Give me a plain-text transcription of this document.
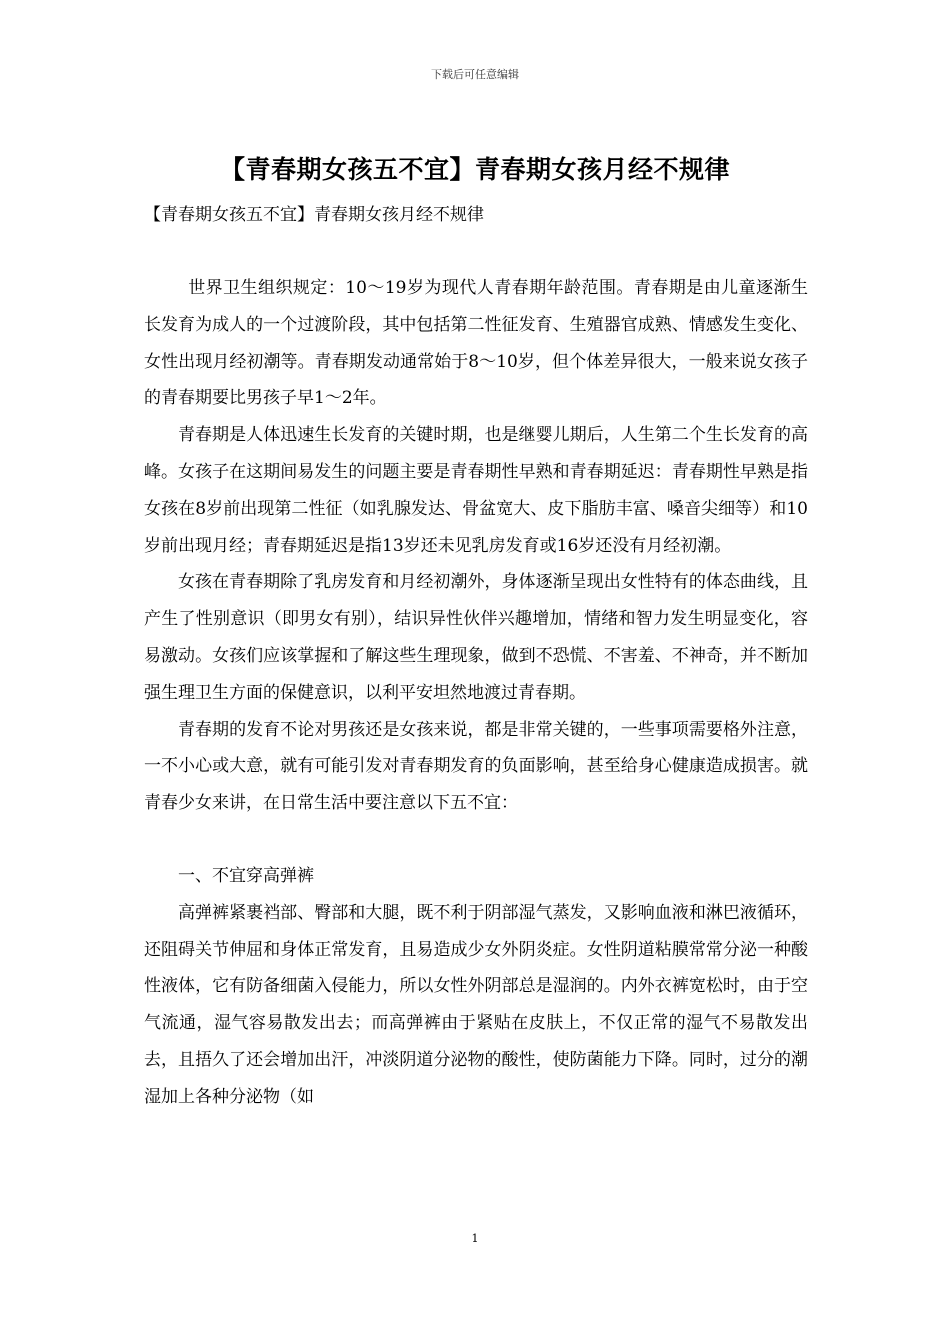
下载后可任意编辑
【青春期女孩五不宜】青春期女孩月经不规律

【青春期女孩五不宜】青春期女孩月经不规律

世界卫生组织规定：10～19岁为现代人青春期年龄范围。青春期是由儿童逐渐生长发育为成人的一个过渡阶段，其中包括第二性征发育、生殖器官成熟、情感发生变化、女性出现月经初潮等。青春期发动通常始于8～10岁，但个体差异很大，一般来说女孩子的青春期要比男孩子早1～2年。

青春期是人体迅速生长发育的关键时期，也是继婴儿期后，人生第二个生长发育的高峰。女孩子在这期间易发生的问题主要是青春期性早熟和青春期延迟：青春期性早熟是指女孩在8岁前出现第二性征（如乳腺发达、骨盆宽大、皮下脂肪丰富、嗓音尖细等）和10岁前出现月经；青春期延迟是指13岁还未见乳房发育或16岁还没有月经初潮。

女孩在青春期除了乳房发育和月经初潮外，身体逐渐呈现出女性特有的体态曲线，且产生了性别意识（即男女有别），结识异性伙伴兴趣增加，情绪和智力发生明显变化，容易激动。女孩们应该掌握和了解这些生理现象，做到不恐慌、不害羞、不神奇，并不断加强生理卫生方面的保健意识，以利平安坦然地渡过青春期。

青春期的发育不论对男孩还是女孩来说，都是非常关键的，一些事项需要格外注意，一不小心或大意，就有可能引发对青春期发育的负面影响，甚至给身心健康造成损害。就青春少女来讲，在日常生活中要注意以下五不宜：

一、不宜穿高弹裤

高弹裤紧裹裆部、臀部和大腿，既不利于阴部湿气蒸发，又影响血液和淋巴液循环，还阻碍关节伸屈和身体正常发育，且易造成少女外阴炎症。女性阴道粘膜常常分泌一种酸性液体，它有防备细菌入侵能力，所以女性外阴部总是湿润的。内外衣裤宽松时，由于空气流通，湿气容易散发出去；而高弹裤由于紧贴在皮肤上，不仅正常的湿气不易散发出去，且捂久了还会增加出汗，冲淡阴道分泌物的酸性，使防菌能力下降。同时，过分的潮湿加上各种分泌物（如

1
